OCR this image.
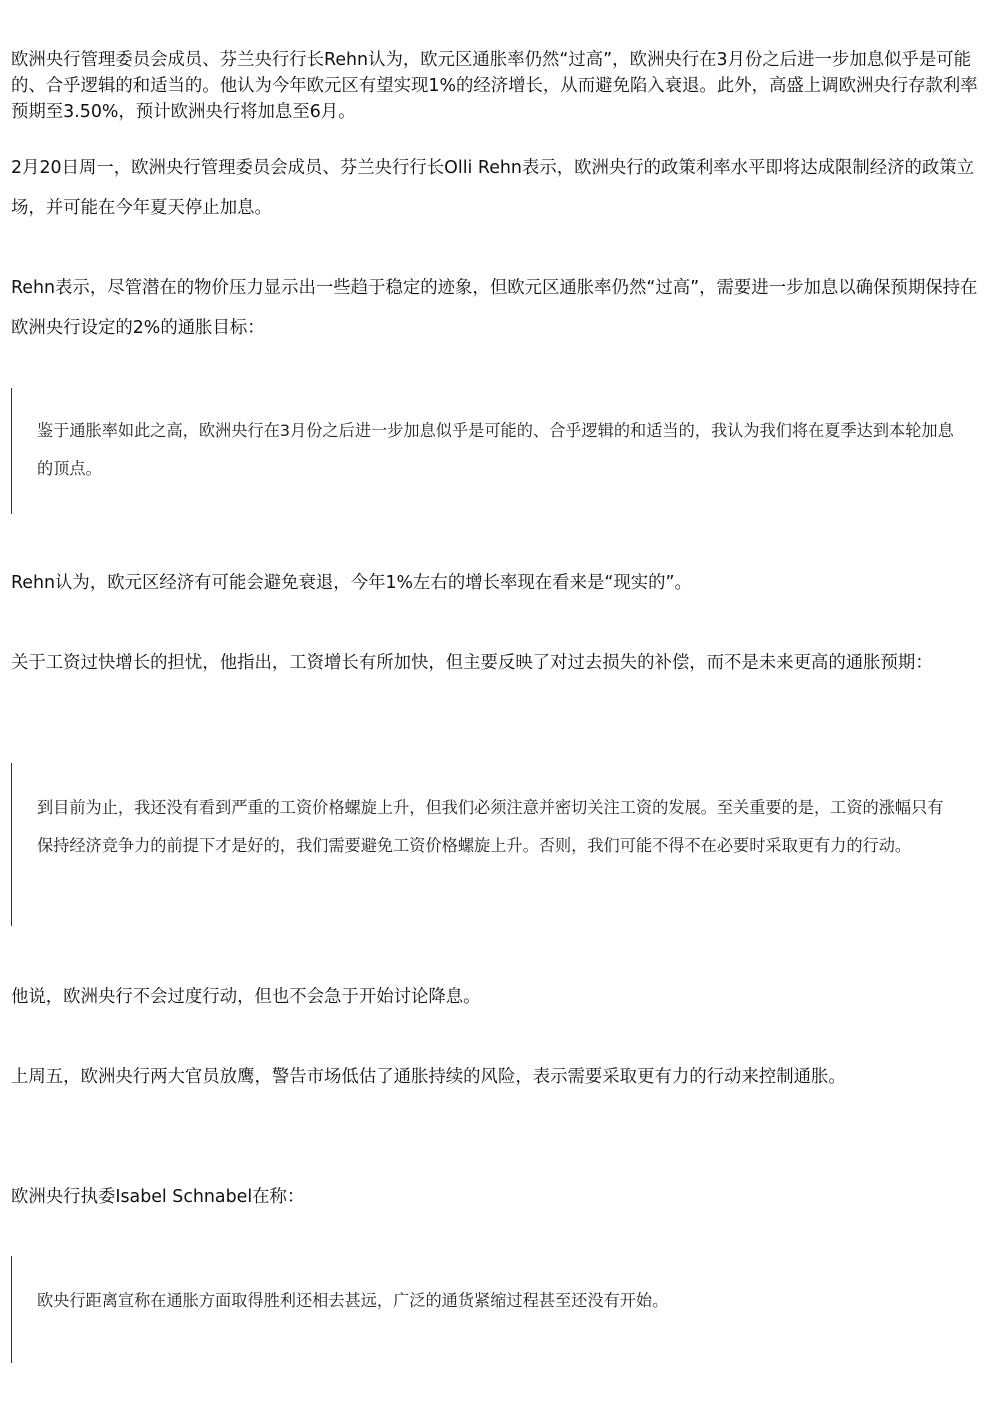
欧洲央行管理委员会成员、芬兰央行行长Rehn认为，欧元区通胀率仍然“过高”，欧洲央行在3月份之后进一步加息似乎是可能的、合乎逻辑的和适当的。他认为今年欧元区有望实现1%的经济增长，从而避免陷入衰退。此外，高盛上调欧洲央行存款利率预期至3.50%，预计欧洲央行将加息至6月。

2月20日周一，欧洲央行管理委员会成员、芬兰央行行长Olli Rehn表示，欧洲央行的政策利率水平即将达成限制经济的政策立场，并可能在今年夏天停止加息。

Rehn表示，尽管潜在的物价压力显示出一些趋于稳定的迹象，但欧元区通胀率仍然“过高”，需要进一步加息以确保预期保持在欧洲央行设定的2%的通胀目标：

鉴于通胀率如此之高，欧洲央行在3月份之后进一步加息似乎是可能的、合乎逻辑的和适当的，我认为我们将在夏季达到本轮加息的顶点。

Rehn认为，欧元区经济有可能会避免衰退，今年1%左右的增长率现在看来是“现实的”。

关于工资过快增长的担忧，他指出，工资增长有所加快，但主要反映了对过去损失的补偿，而不是未来更高的通胀预期：

到目前为止，我还没有看到严重的工资价格螺旋上升，但我们必须注意并密切关注工资的发展。至关重要的是，工资的涨幅只有保持经济竞争力的前提下才是好的，我们需要避免工资价格螺旋上升。否则，我们可能不得不在必要时采取更有力的行动。

他说，欧洲央行不会过度行动，但也不会急于开始讨论降息。

上周五，欧洲央行两大官员放鹰，警告市场低估了通胀持续的风险，表示需要采取更有力的行动来控制通胀。

欧洲央行执委Isabel Schnabel在称：

欧央行距离宣称在通胀方面取得胜利还相去甚远，广泛的通货紧缩过程甚至还没有开始。
